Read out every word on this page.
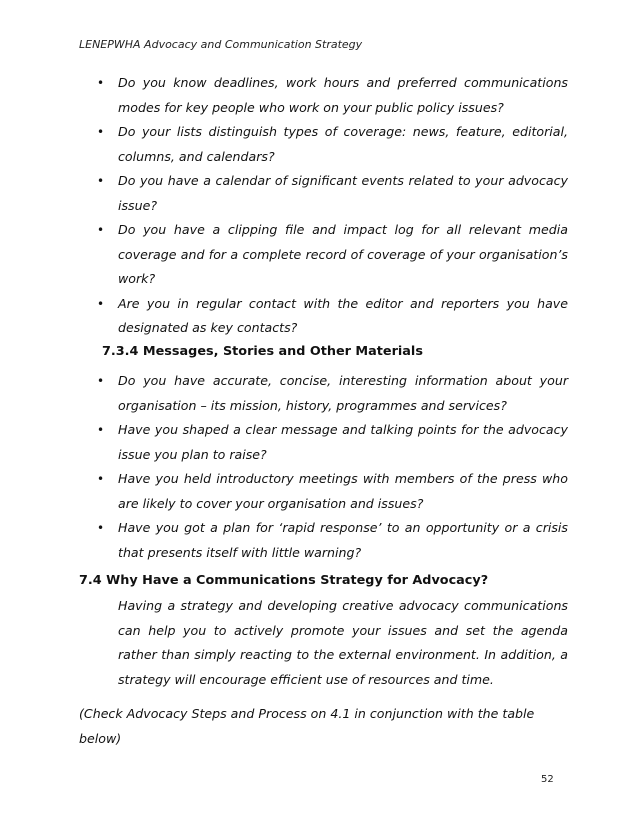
LENEPWHA Advocacy and Communication Strategy
• Do you know deadlines, work hours and preferred communications modes for key people who work on your public policy issues?
• Do your lists distinguish types of coverage: news, feature, editorial, columns, and calendars?
• Do you have a calendar of significant events related to your advocacy issue?
• Do you have a clipping file and impact log for all relevant media coverage and for a complete record of coverage of your organisation’s work?
• Are you in regular contact with the editor and reporters you have designated as key contacts?
7.3.4 Messages, Stories and Other Materials
• Do you have accurate, concise, interesting information about your organisation – its mission, history, programmes and services?
• Have you shaped a clear message and talking points for the advocacy issue you plan to raise?
• Have you held introductory meetings with members of the press who are likely to cover your organisation and issues?
• Have you got a plan for ‘rapid response’ to an opportunity or a crisis that presents itself with little warning?
7.4 Why Have a Communications Strategy for Advocacy?

Having a strategy and developing creative advocacy communications can help you to actively promote your issues and set the agenda rather than simply reacting to the external environment. In addition, a strategy will encourage efficient use of resources and time.

(Check Advocacy Steps and Process on 4.1 in conjunction with the table below)

52
